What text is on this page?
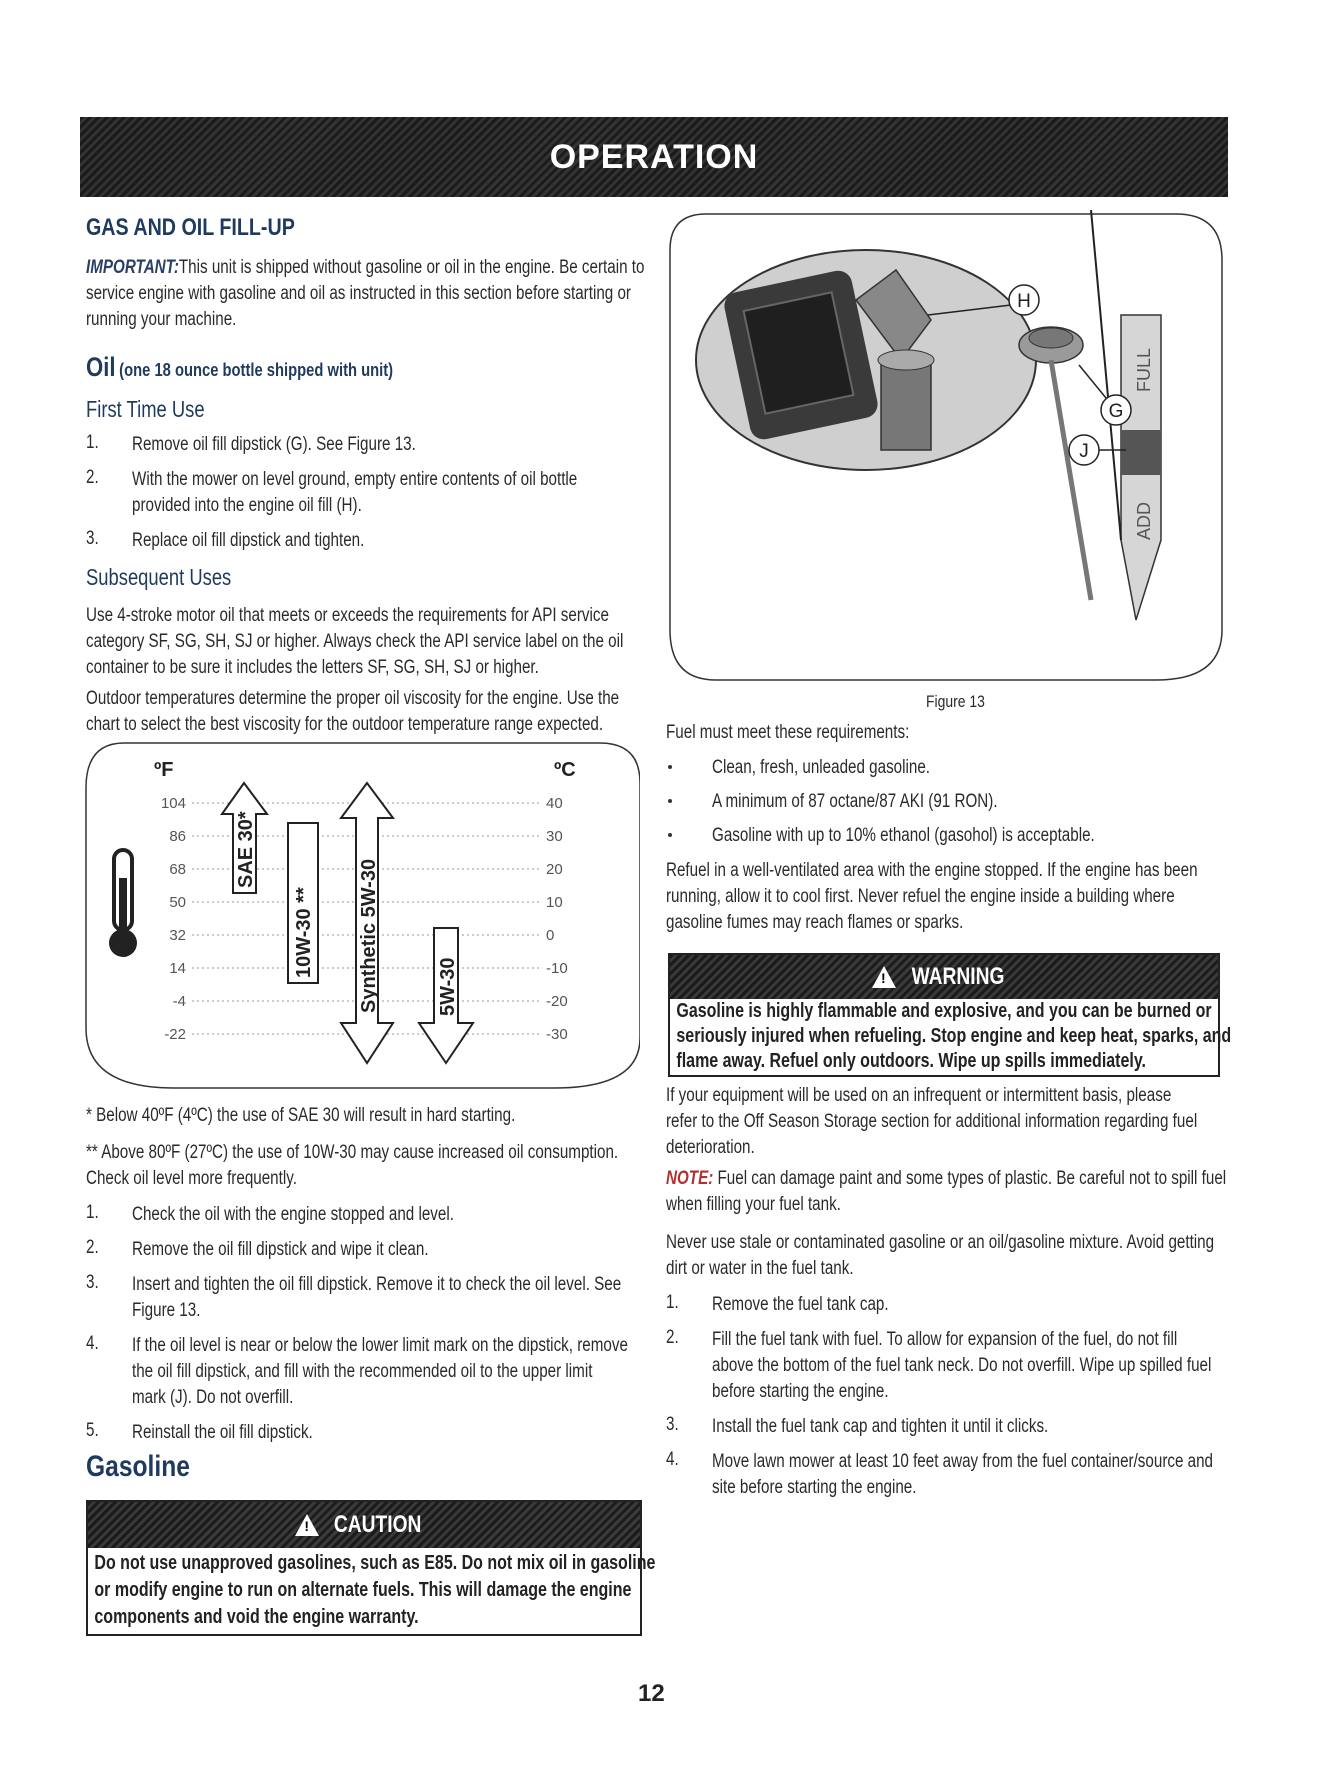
OPERATION
GAS AND OIL FILL-UP
IMPORTANT:This unit is shipped without gasoline or oil in the engine. Be certain to
service engine with gasoline and oil as instructed in this section before starting or
running your machine.
Oil (one 18 ounce bottle shipped with unit)
First Time Use
1. Remove oil fill dipstick (G). See Figure 13.
2. With the mower on level ground, empty entire contents of oil bottle
provided into the engine oil fill (H).
3. Replace oil fill dipstick and tighten.
Subsequent Uses
Use 4-stroke motor oil that meets or exceeds the requirements for API service
category SF, SG, SH, SJ or higher. Always check the API service label on the oil
container to be sure it includes the letters SF, SG, SH, SJ or higher.
Outdoor temperatures determine the proper oil viscosity for the engine. Use the
chart to select the best viscosity for the outdoor temperature range expected.
ºF	ºC
104	40
86	30
68	20
50	10
32	0
14	-10
-4	-20
-22	-30
SAE 30*
10W-30 ** Synthetic 5W-30	5W-30
* Below 40ºF (4ºC) the use of SAE 30 will result in hard starting.
** Above 80ºF (27ºC) the use of 10W-30 may cause increased oil consumption.
Check oil level more frequently.
1. Check the oil with the engine stopped and level.
2. Remove the oil fill dipstick and wipe it clean.
3. Insert and tighten the oil fill dipstick. Remove it to check the oil level. See
Figure 13.
4. If the oil level is near or below the lower limit mark on the dipstick, remove
the oil fill dipstick, and fill with the recommended oil to the upper limit
mark (J). Do not overfill.
5. Reinstall the oil fill dipstick.
Gasoline
!
CAUTION
Do not use unapproved gasolines, such as E85. Do not mix oil in gasoline
or modify engine to run on alternate fuels. This will damage the engine
components and void the engine warranty.
FULL
ADD
H
G
J
Figure 13
Fuel must meet these requirements:
Clean, fresh, unleaded gasoline.
A minimum of 87 octane/87 AKI (91 RON).
Gasoline with up to 10% ethanol (gasohol) is acceptable.
Refuel in a well-ventilated area with the engine stopped. If the engine has been
running, allow it to cool first. Never refuel the engine inside a building where
gasoline fumes may reach flames or sparks.
!
WARNING
Gasoline is highly flammable and explosive, and you can be burned or
seriously injured when refueling. Stop engine and keep heat, sparks, and
flame away. Refuel only outdoors. Wipe up spills immediately.
If your equipment will be used on an infrequent or intermittent basis, please
refer to the Off Season Storage section for additional information regarding fuel
deterioration.
NOTE: Fuel can damage paint and some types of plastic. Be careful not to spill fuel
when filling your fuel tank.
Never use stale or contaminated gasoline or an oil/gasoline mixture. Avoid getting
dirt or water in the fuel tank.
1. Remove the fuel tank cap.
2. Fill the fuel tank with fuel. To allow for expansion of the fuel, do not fill
above the bottom of the fuel tank neck. Do not overfill. Wipe up spilled fuel
before starting the engine.
3. Install the fuel tank cap and tighten it until it clicks.
4. Move lawn mower at least 10 feet away from the fuel container/source and
site before starting the engine.
12
